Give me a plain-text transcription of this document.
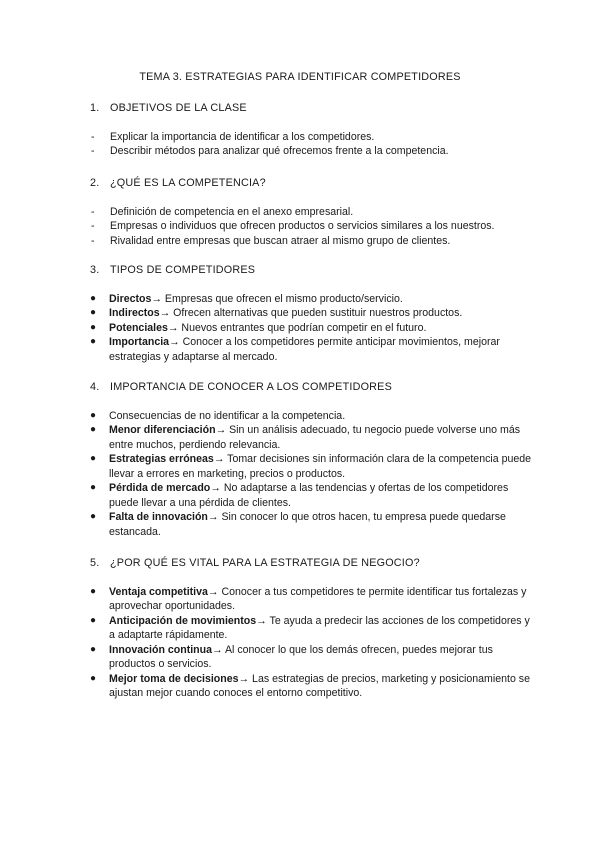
TEMA 3. ESTRATEGIAS PARA IDENTIFICAR COMPETIDORES
1. OBJETIVOS DE LA CLASE
-	Explicar la importancia de identificar a los competidores.
-	Describir métodos para analizar qué ofrecemos frente a la competencia.
2. ¿QUÉ ES LA COMPETENCIA?
-	Definición de competencia en el anexo empresarial.
-	Empresas o individuos que ofrecen productos o servicios similares a los nuestros.
-	Rivalidad entre empresas que buscan atraer al mismo grupo de clientes.
3. TIPOS DE COMPETIDORES
●	Directos→ Empresas que ofrecen el mismo producto/servicio.
●	Indirectos→ Ofrecen alternativas que pueden sustituir nuestros productos.
●	Potenciales→ Nuevos entrantes que podrían competir en el futuro.
●	Importancia→ Conocer a los competidores permite anticipar movimientos, mejorar estrategias y adaptarse al mercado.
4. IMPORTANCIA DE CONOCER A LOS COMPETIDORES
●	Consecuencias de no identificar a la competencia.
●	Menor diferenciación→ Sin un análisis adecuado, tu negocio puede volverse uno más entre muchos, perdiendo relevancia.
●	Estrategias erróneas→ Tomar decisiones sin información clara de la competencia puede llevar a errores en marketing, precios o productos.
●	Pérdida de mercado→ No adaptarse a las tendencias y ofertas de los competidores puede llevar a una pérdida de clientes.
●	Falta de innovación→ Sin conocer lo que otros hacen, tu empresa puede quedarse estancada.
5. ¿POR QUÉ ES VITAL PARA LA ESTRATEGIA DE NEGOCIO?
●	Ventaja competitiva→ Conocer a tus competidores te permite identificar tus fortalezas y aprovechar oportunidades.
●	Anticipación de movimientos→ Te ayuda a predecir las acciones de los competidores y a adaptarte rápidamente.
●	Innovación continua→ Al conocer lo que los demás ofrecen, puedes mejorar tus productos o servicios.
●	Mejor toma de decisiones→ Las estrategias de precios, marketing y posicionamiento se ajustan mejor cuando conoces el entorno competitivo.
